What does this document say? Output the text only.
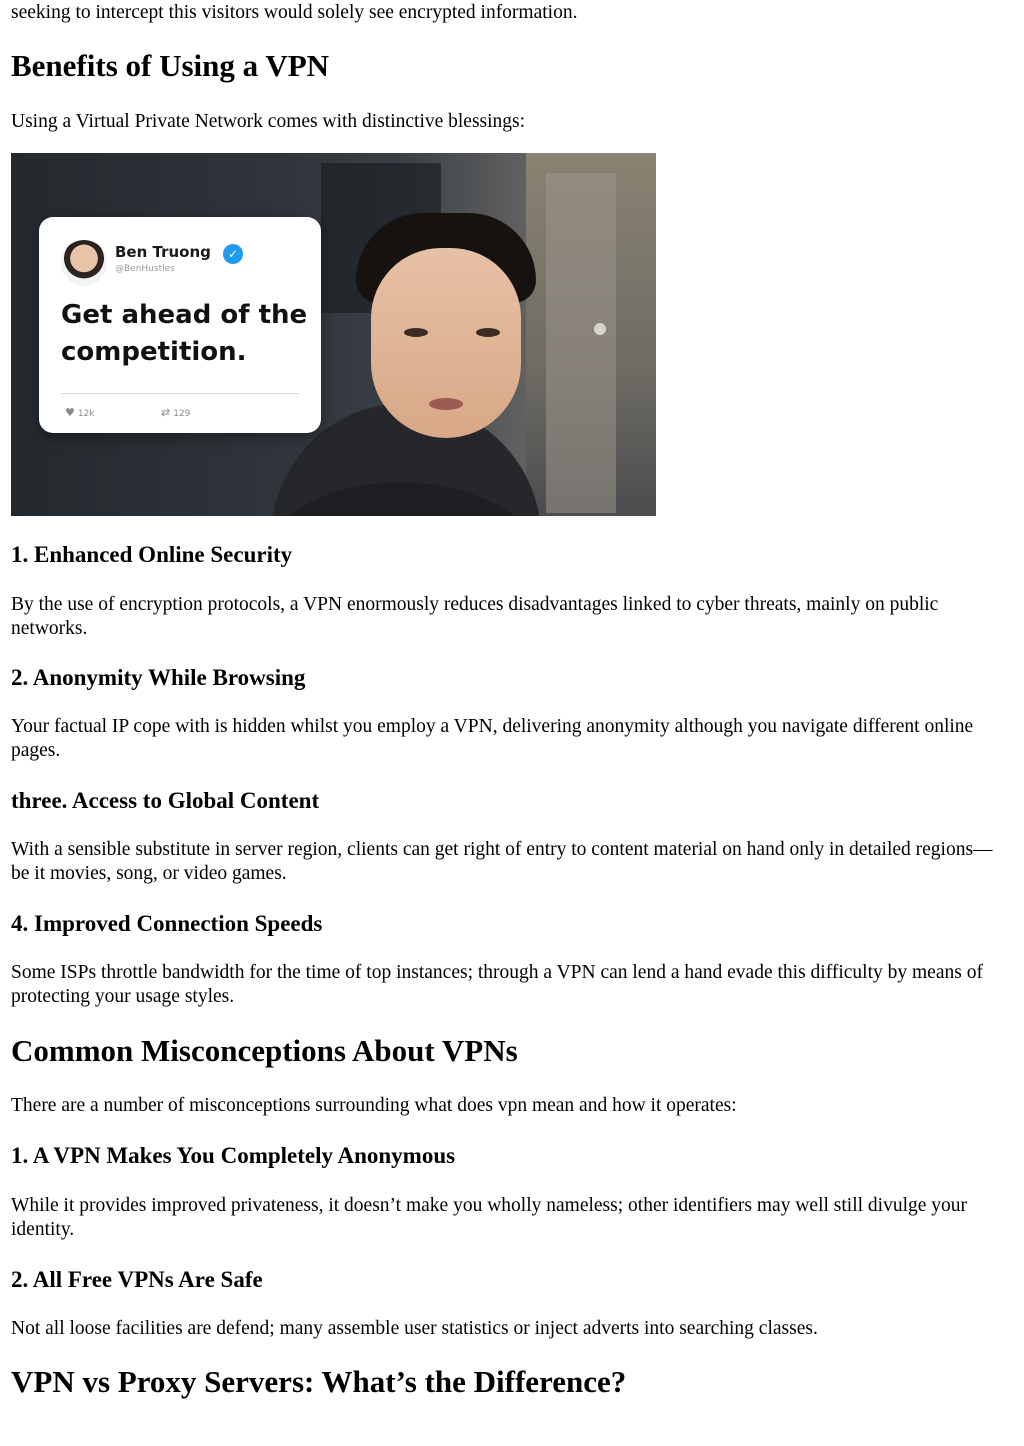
seeking to intercept this visitors would solely see encrypted information.

Benefits of Using a VPN

Using a Virtual Private Network comes with distinctive blessings:

Ben Truong	✓
@BenHustles
Get ahead of the competition.
♥ 12k	⇄ 129
1. Enhanced Online Security

By the use of encryption protocols, a VPN enormously reduces disadvantages linked to cyber threats, mainly on public networks.

2. Anonymity While Browsing

Your factual IP cope with is hidden whilst you employ a VPN, delivering anonymity although you navigate different online pages.

three. Access to Global Content

With a sensible substitute in server region, clients can get right of entry to content material on hand only in detailed regions—be it movies, song, or video games.

4. Improved Connection Speeds

Some ISPs throttle bandwidth for the time of top instances; through a VPN can lend a hand evade this difficulty by means of protecting your usage styles.

Common Misconceptions About VPNs

There are a number of misconceptions surrounding what does vpn mean and how it operates:

1. A VPN Makes You Completely Anonymous

While it provides improved privateness, it doesn’t make you wholly nameless; other identifiers may well still divulge your identity.

2. All Free VPNs Are Safe

Not all loose facilities are defend; many assemble user statistics or inject adverts into searching classes.

VPN vs Proxy Servers: What’s the Difference?
